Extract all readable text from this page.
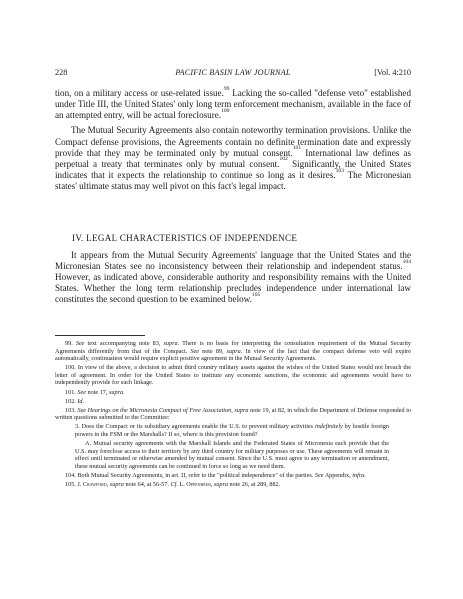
228	PACIFIC BASIN LAW JOURNAL	[Vol. 4:210

tion, on a military access or use-related issue.$^{99}$ Lacking the so-called "defense veto" established under Title III, the United States' only long term enforcement mechanism, available in the face of an attempted entry, will be actual foreclosure.$^{100}$

The Mutual Security Agreements also contain noteworthy termination provisions. Unlike the Compact defense provisions, the Agreements contain no definite termination date and expressly provide that they may be terminated only by mutual consent.$^{101}$ International law defines as perpetual a treaty that terminates only by mutual consent.$^{102}$ Significantly, the United States indicates that it expects the relationship to continue so long as it desires.$^{103}$ The Micronesian states' ultimate status may well pivot on this fact's legal impact.

IV. LEGAL CHARACTERISTICS OF INDEPENDENCE
It appears from the Mutual Security Agreements' language that the United States and the Micronesian States see no inconsistency between their relationship and independent status.$^{104}$ However, as indicated above, considerable authority and responsibility remains with the United States. Whether the long term relationship precludes independence under international law constitutes the second question to be examined below.$^{105}$

99. See text accompanying note 83, supra. There is no basis for interpreting the consultation requirement of the Mutual Security Agreements differently from that of the Compact. See note 89, supra. In view of the fact that the compact defense veto will expire automatically, continuation would require explicit positive agreement in the Mutual Security Agreements.

100. In view of the above, a decision to admit third country military assets against the wishes of the United States would not breach the letter of agreement. In order for the United States to institute any economic sanctions, the economic aid agreements would have to independently provide for such linkage.

101. See note 17, supra.

102. Id.

103. See Hearings on the Micronesia Compact of Free Association, supra note 19, at 82, in which the Department of Defense responded to written questions submitted to the Committee:

3. Does the Compact or its subsidiary agreements enable the U.S. to prevent military activities indefinitely by hostile foreign powers in the FSM or the Marshalls? If so, where is this provision found?
A. Mutual security agreements with the Marshall Islands and the Federated States of Micronesia each provide that the U.S. may foreclose access to their territory by any third country for military purposes or use. These agreements will remain in effect until terminated or otherwise amended by mutual consent. Since the U.S. must agree to any termination or amendment, these mutual security agreements can be continued in force so long as we need them.

104. Both Mutual Security Agreements, in art. II, refer to the "political independence" of the parties. See Appendix, infra.

105. J. Crawford, supra note 64, at 56-57. Cf. L. Oppenheim, supra note 26, at 289, 882.
